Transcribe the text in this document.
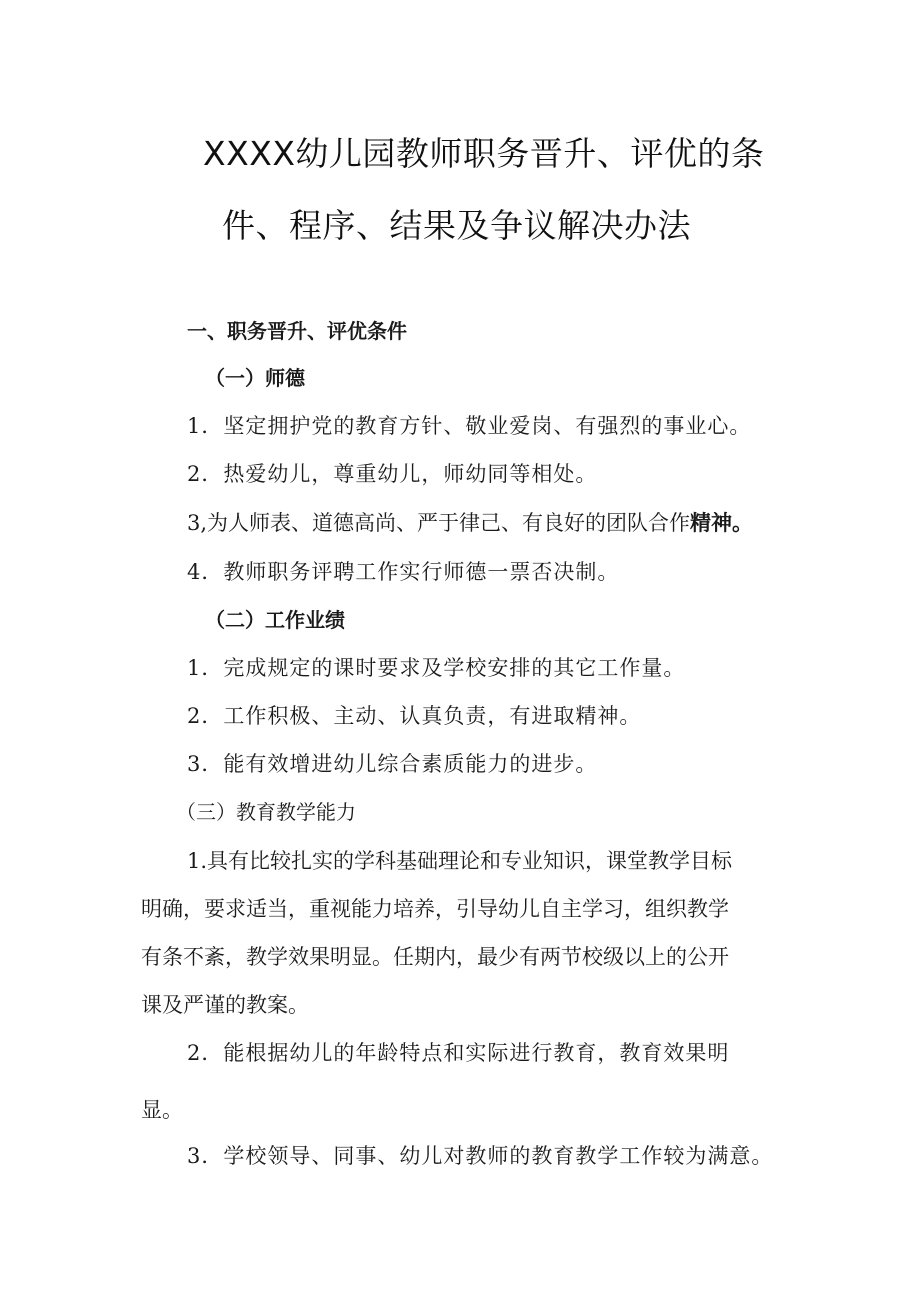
XXXX幼儿园教师职务晋升、评优的条
件、程序、结果及争议解决办法
一、职务晋升、评优条件
（一）师德
1．坚定拥护党的教育方针、敬业爱岗、有强烈的事业心。
2．热爱幼儿，尊重幼儿，师幼同等相处。
3,为人师表、道德高尚、严于律己、有良好的团队合作精神。
4．教师职务评聘工作实行师德一票否决制。
（二）工作业绩
1．完成规定的课时要求及学校安排的其它工作量。
2．工作积极、主动、认真负责，有进取精神。
3．能有效增进幼儿综合素质能力的进步。
（三）教育教学能力
1.具有比较扎实的学科基础理论和专业知识，课堂教学目标
明确，要求适当，重视能力培养，引导幼儿自主学习，组织教学
有条不紊，教学效果明显。任期内，最少有两节校级以上的公开
课及严谨的教案。
2．能根据幼儿的年龄特点和实际进行教育，教育效果明
显。
3．学校领导、同事、幼儿对教师的教育教学工作较为满意。
